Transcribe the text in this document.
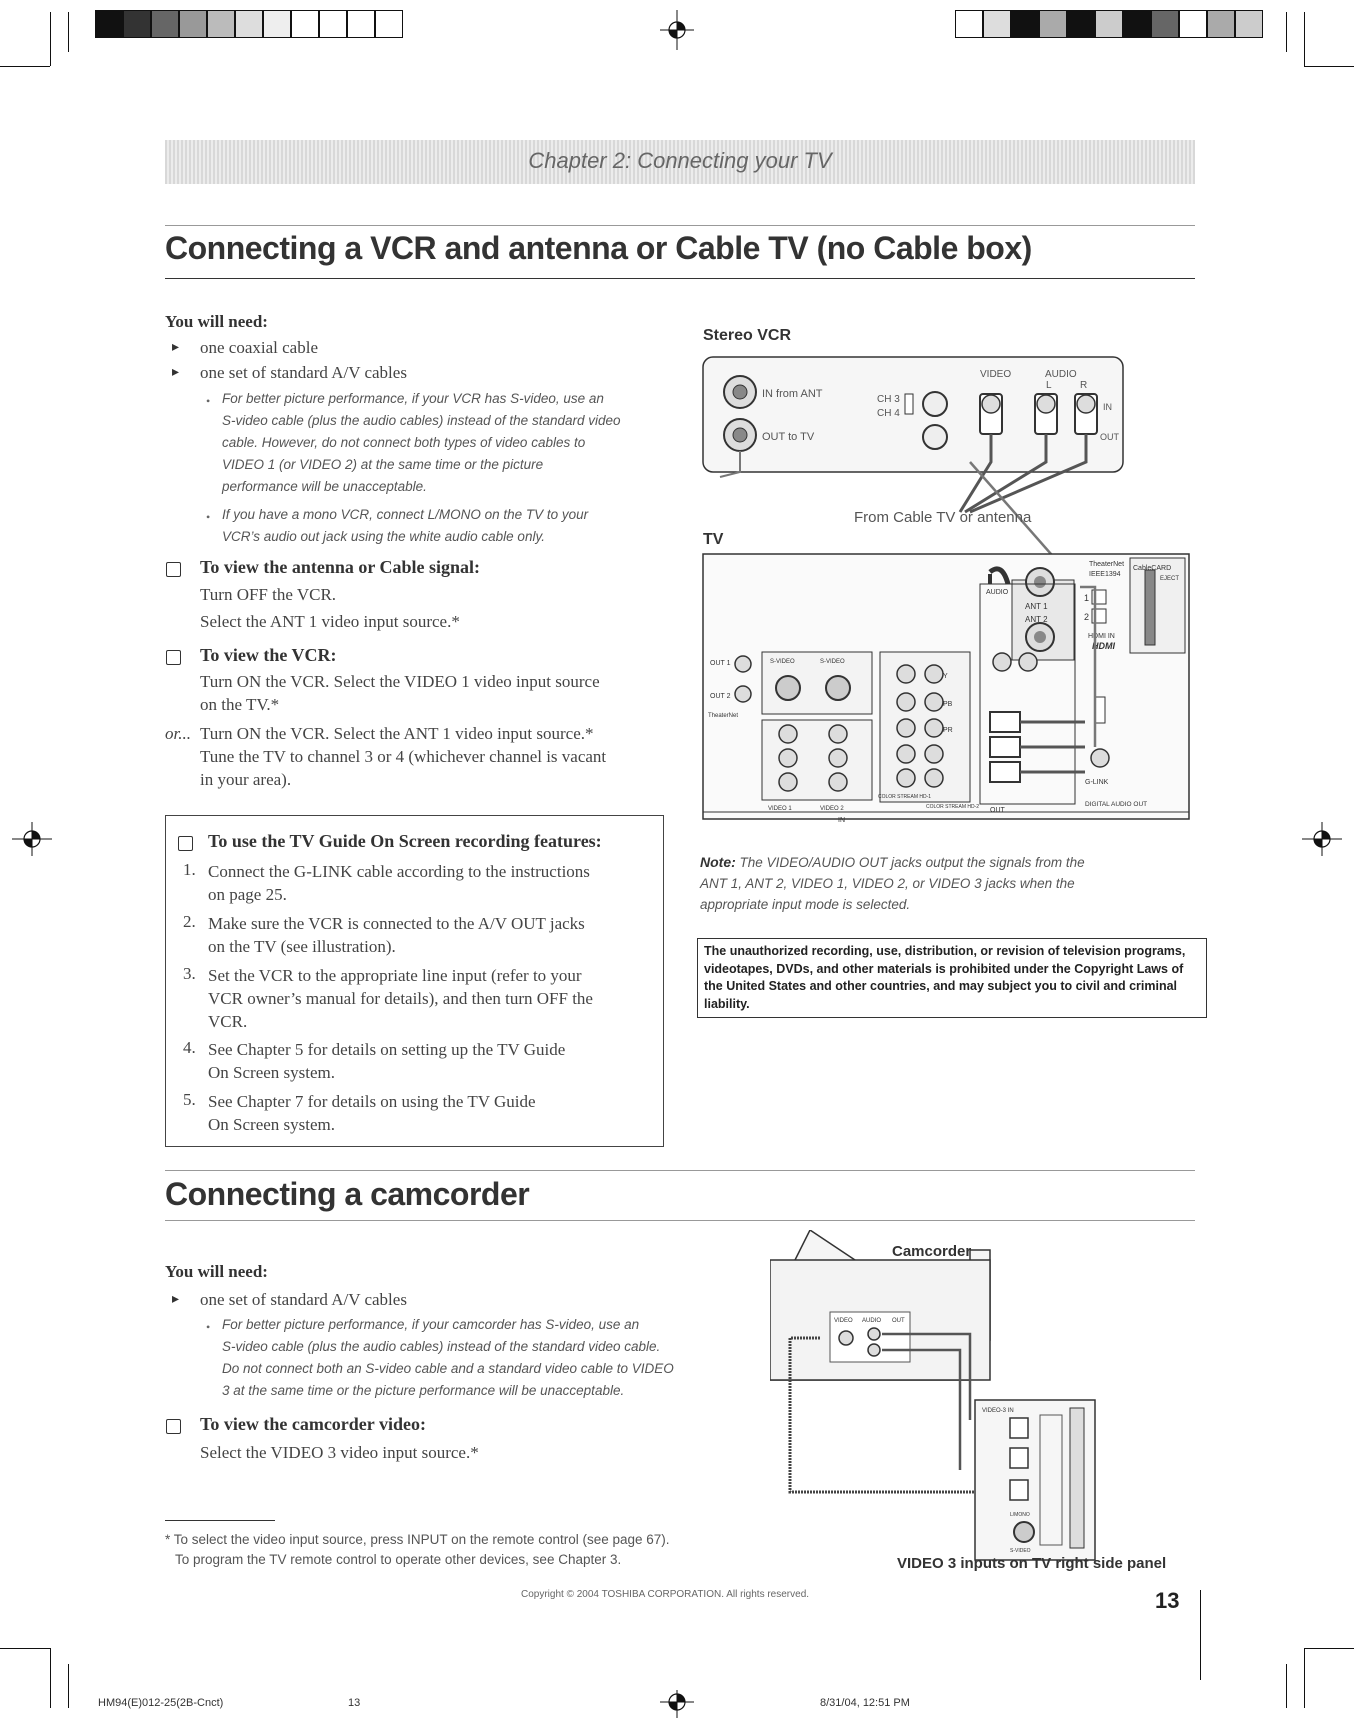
Chapter 2: Connecting your TV
Connecting a VCR and antenna or Cable TV (no Cable box)
You will need:
▸ one coaxial cable
▸ one set of standard A/V cables
• For better picture performance, if your VCR has S-video, use an
S-video cable (plus the audio cables) instead of the standard video
cable. However, do not connect both types of video cables to
VIDEO 1 (or VIDEO 2) at the same time or the picture
performance will be unacceptable.
• If you have a mono VCR, connect L/MONO on the TV to your
VCR’s audio out jack using the white audio cable only.
To view the antenna or Cable signal:
Turn OFF the VCR.
Select the ANT 1 video input source.*
To view the VCR:
Turn ON the VCR. Select the VIDEO 1 video input source
on the TV.*
or... Turn ON the VCR. Select the ANT 1 video input source.*
Tune the TV to channel 3 or 4 (whichever channel is vacant
in your area).
To use the TV Guide On Screen recording features:
1. Connect the G-LINK cable according to the instructions
on page 25.
2. Make sure the VCR is connected to the A/V OUT jacks
on the TV (see illustration).
3. Set the VCR to the appropriate line input (refer to your
VCR owner’s manual for details), and then turn OFF the
VCR.
4. See Chapter 5 for details on setting up the TV Guide
On Screen system.
5. See Chapter 7 for details on using the TV Guide
On Screen system.
Stereo VCR
IN from ANT
OUT to TV
CH 3
CH 4
VIDEO	AUDIO
L	R
IN
OUT
From Cable TV or antenna
TV
CableCARD
EJECT
TheaterNet
IEEE1394
1
2
HDMI IN
HDMI
G-LINK
DIGITAL AUDIO OUT
ANT 1
ANT 2
OUT 1
OUT 2
TheaterNet
S-VIDEO	S-VIDEO
VIDEO 1	VIDEO 2
IN
Y
PB
PR
COLOR STREAM HD-1
COLOR STREAM HD-2
AUDIO
OUT
Note: The VIDEO/AUDIO OUT jacks output the signals from the
ANT 1, ANT 2, VIDEO 1, VIDEO 2, or VIDEO 3 jacks when the
appropriate input mode is selected.
The unauthorized recording, use, distribution, or revision of television programs, videotapes, DVDs, and other materials is prohibited under the Copyright Laws of the United States and other countries, and may subject you to civil and criminal liability.
Connecting a camcorder
You will need:
▸ one set of standard A/V cables
• For better picture performance, if your camcorder has S-video, use an
S-video cable (plus the audio cables) instead of the standard video cable.
Do not connect both an S-video cable and a standard video cable to VIDEO
3 at the same time or the picture performance will be unacceptable.
To view the camcorder video:
Select the VIDEO 3 video input source.*
Camcorder
VIDEO AUDIO OUT
VIDEO-3 IN
S-VIDEO
L/MONO
VIDEO 3 inputs on TV right side panel
* To select the video input source, press INPUT on the remote control (see page 67).
To program the TV remote control to operate other devices, see Chapter 3.
Copyright © 2004 TOSHIBA CORPORATION. All rights reserved.	13
HM94(E)012-25(2B-Cnct)	13	8/31/04, 12:51 PM
